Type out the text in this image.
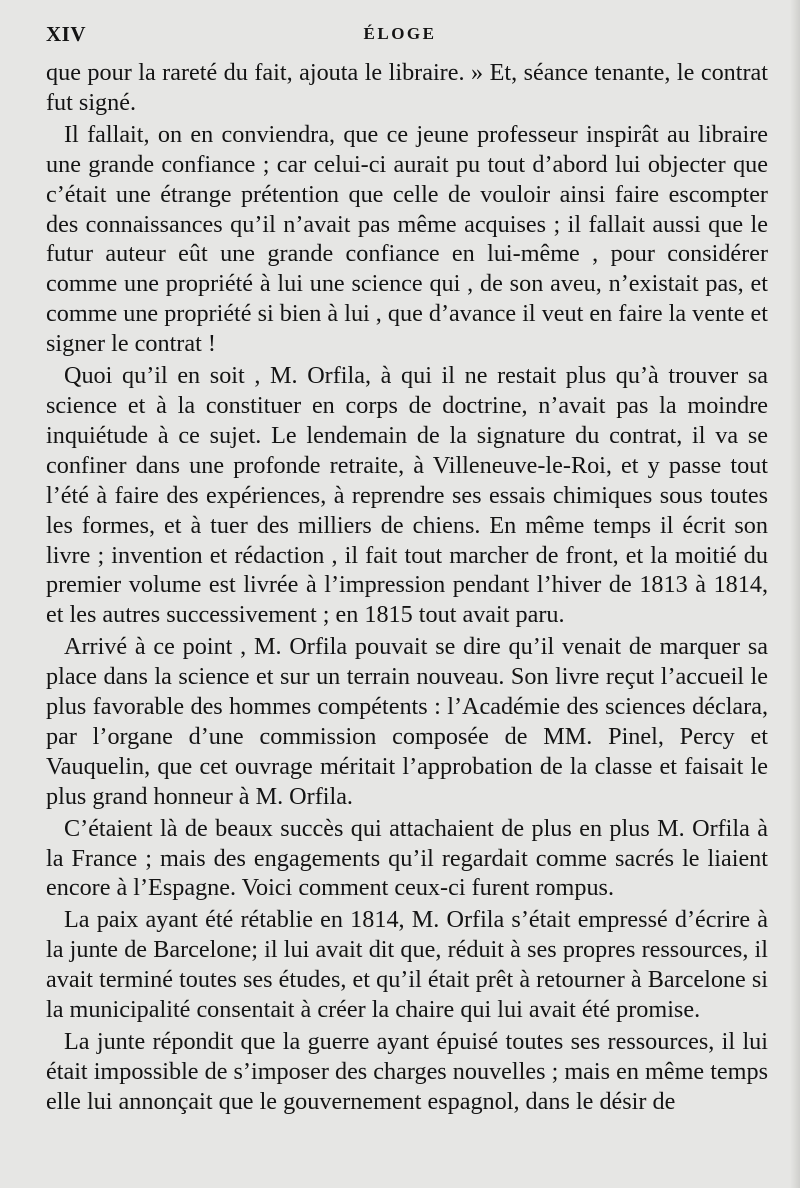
XIV	ÉLOGE

que pour la rareté du fait, ajouta le libraire. » Et, séance tenante, le contrat fut signé.

Il fallait, on en conviendra, que ce jeune professeur inspirât au libraire une grande confiance ; car celui-ci aurait pu tout d’abord lui objecter que c’était une étrange prétention que celle de vouloir ainsi faire escompter des connaissances qu’il n’avait pas même acquises ; il fallait aussi que le futur auteur eût une grande confiance en lui-même , pour considérer comme une propriété à lui une science qui , de son aveu, n’existait pas, et comme une propriété si bien à lui , que d’avance il veut en faire la vente et signer le contrat !

Quoi qu’il en soit , M. Orfila, à qui il ne restait plus qu’à trouver sa science et à la constituer en corps de doctrine, n’avait pas la moindre inquiétude à ce sujet. Le lendemain de la signature du contrat, il va se confiner dans une profonde retraite, à Villeneuve-le-Roi, et y passe tout l’été à faire des expériences, à reprendre ses essais chimiques sous toutes les formes, et à tuer des milliers de chiens. En même temps il écrit son livre ; invention et rédaction , il fait tout marcher de front, et la moitié du premier volume est livrée à l’impression pendant l’hiver de 1813 à 1814, et les autres successivement ; en 1815 tout avait paru.

Arrivé à ce point , M. Orfila pouvait se dire qu’il venait de marquer sa place dans la science et sur un terrain nouveau. Son livre reçut l’accueil le plus favorable des hommes compétents : l’Académie des sciences déclara, par l’organe d’une commission composée de MM. Pinel, Percy et Vauquelin, que cet ouvrage méritait l’approbation de la classe et faisait le plus grand honneur à M. Orfila.

C’étaient là de beaux succès qui attachaient de plus en plus M. Orfila à la France ; mais des engagements qu’il regardait comme sacrés le liaient encore à l’Espagne. Voici comment ceux-ci furent rompus.

La paix ayant été rétablie en 1814, M. Orfila s’était empressé d’écrire à la junte de Barcelone; il lui avait dit que, réduit à ses propres ressources, il avait terminé toutes ses études, et qu’il était prêt à retourner à Barcelone si la municipalité consentait à créer la chaire qui lui avait été promise.

La junte répondit que la guerre ayant épuisé toutes ses ressources, il lui était impossible de s’imposer des charges nouvelles ; mais en même temps elle lui annonçait que le gouvernement espagnol, dans le désir de
